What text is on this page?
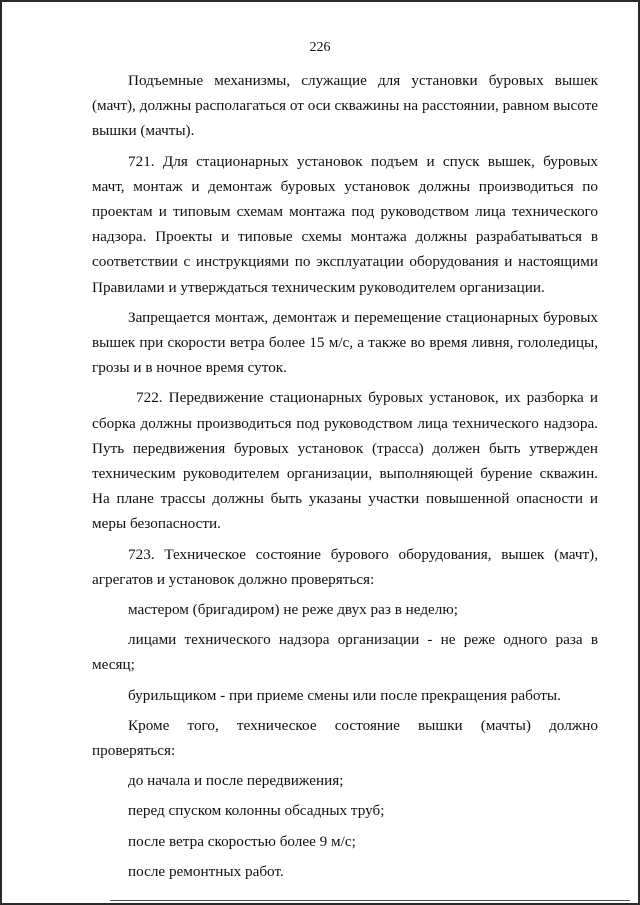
226

Подъемные механизмы, служащие для установки буровых вышек (мачт), должны располагаться от оси скважины на расстоянии, равном высоте вышки (мачты).

721. Для стационарных установок подъем и спуск вышек, буровых мачт, монтаж и демонтаж буровых установок должны производиться по проектам и типовым схемам монтажа под руководством лица технического надзора. Проекты и типовые схемы монтажа должны разрабатываться в соответствии с инструкциями по эксплуатации оборудования и настоящими Правилами и утверждаться техническим руководителем организации.

Запрещается монтаж, демонтаж и перемещение стационарных буровых вышек при скорости ветра более 15 м/с, а также во время ливня, гололедицы, грозы и в ночное время суток.

722. Передвижение стационарных буровых установок, их разборка и сборка должны производиться под руководством лица технического надзора. Путь передвижения буровых установок (трасса) должен быть утвержден техническим руководителем организации, выполняющей бурение скважин. На плане трассы должны быть указаны участки повышенной опасности и меры безопасности.

723. Техническое состояние бурового оборудования, вышек (мачт), агрегатов и установок должно проверяться:

мастером (бригадиром) не реже двух раз в неделю;

лицами технического надзора организации - не реже одного раза в месяц;

бурильщиком - при приеме смены или после прекращения работы.

Кроме того, техническое состояние вышки (мачты) должно проверяться:

до начала и после передвижения;

перед спуском колонны обсадных труб;

после ветра скоростью более 9 м/с;

после ремонтных работ.
